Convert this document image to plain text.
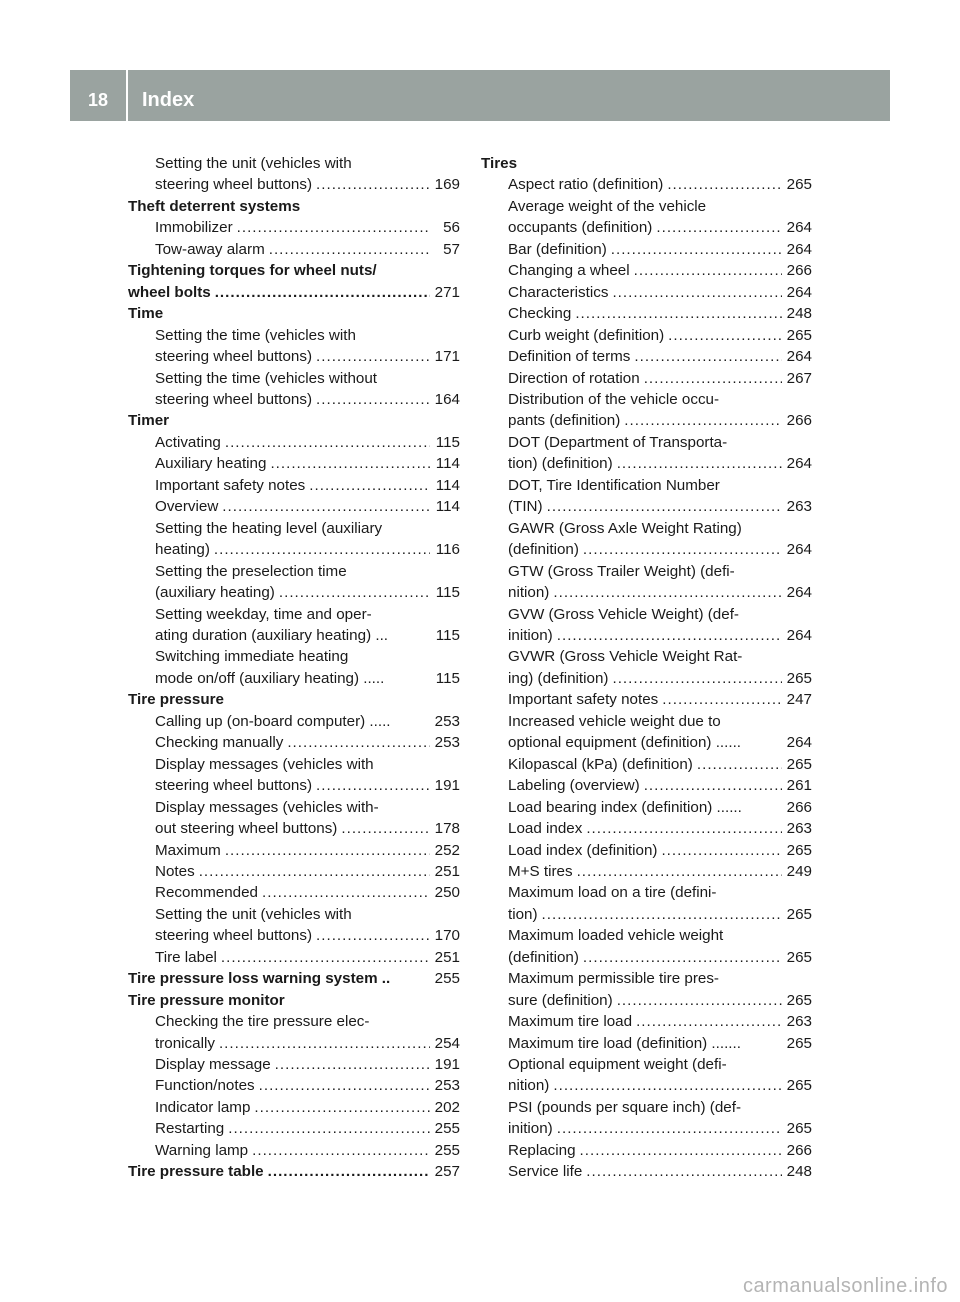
18	Index
Setting the unit (vehicles with
steering wheel buttons) .....	169
Theft deterrent systems
Immobilizer .....	56
Tow-away alarm .....	57
Tightening torques for wheel nuts/
wheel bolts .....	271
Time
Setting the time (vehicles with
steering wheel buttons) .....	171
Setting the time (vehicles without
steering wheel buttons) .....	164
Timer
Activating .....	115
Auxiliary heating .....	114
Important safety notes .....	114
Overview .....	114
Setting the heating level (auxiliary
heating) .....	116
Setting the preselection time
(auxiliary heating) .....	115
Setting weekday, time and oper-
ating duration (auxiliary heating) ...	115
Switching immediate heating
mode on/off (auxiliary heating) .....	115
Tire pressure
Calling up (on-board computer) .....	253
Checking manually .....	253
Display messages (vehicles with
steering wheel buttons) .....	191
Display messages (vehicles with-
out steering wheel buttons) .....	178
Maximum .....	252
Notes .....	251
Recommended .....	250
Setting the unit (vehicles with
steering wheel buttons) .....	170
Tire label .....	251
Tire pressure loss warning system ..	255
Tire pressure monitor
Checking the tire pressure elec-
tronically .....	254
Display message .....	191
Function/notes .....	253
Indicator lamp .....	202
Restarting .....	255
Warning lamp .....	255
Tire pressure table .....	257
Tires
Aspect ratio (definition) .....	265
Average weight of the vehicle
occupants (definition) .....	264
Bar (definition) .....	264
Changing a wheel .....	266
Characteristics .....	264
Checking .....	248
Curb weight (definition) .....	265
Definition of terms .....	264
Direction of rotation .....	267
Distribution of the vehicle occu-
pants (definition) .....	266
DOT (Department of Transporta-
tion) (definition) .....	264
DOT, Tire Identification Number
(TIN) .....	263
GAWR (Gross Axle Weight Rating)
(definition) .....	264
GTW (Gross Trailer Weight) (defi-
nition) .....	264
GVW (Gross Vehicle Weight) (def-
inition) .....	264
GVWR (Gross Vehicle Weight Rat-
ing) (definition) .....	265
Important safety notes .....	247
Increased vehicle weight due to
optional equipment (definition) ......	264
Kilopascal (kPa) (definition) .....	265
Labeling (overview) .....	261
Load bearing index (definition) ......	266
Load index .....	263
Load index (definition) .....	265
M+S tires .....	249
Maximum load on a tire (defini-
tion) .....	265
Maximum loaded vehicle weight
(definition) .....	265
Maximum permissible tire pres-
sure (definition) .....	265
Maximum tire load .....	263
Maximum tire load (definition) .......	265
Optional equipment weight (defi-
nition) .....	265
PSI (pounds per square inch) (def-
inition) .....	265
Replacing .....	266
Service life .....	248
carmanualsonline.info
